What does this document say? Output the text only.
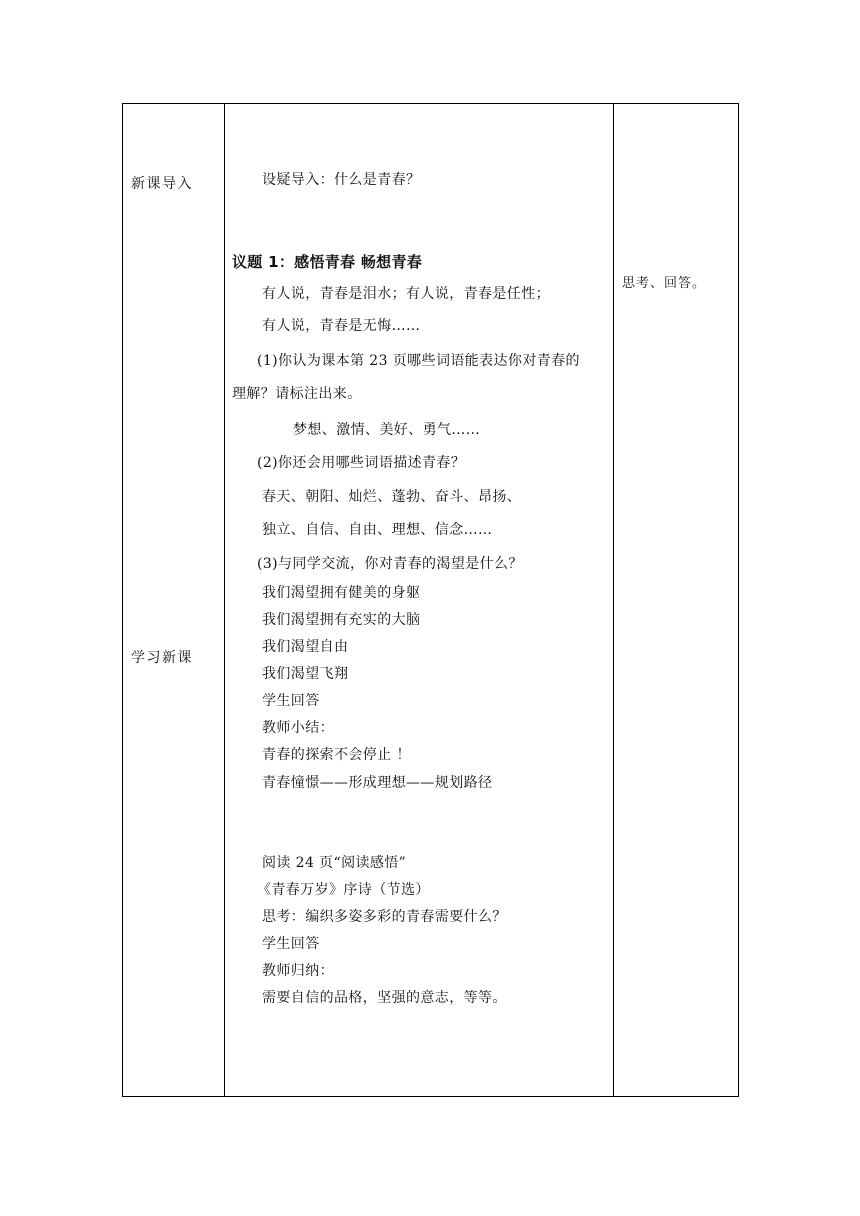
新课导入
学习新课
思考、回答。
设疑导入：什么是青春？
议题 1：感悟青春 畅想青春
有人说，青春是泪水；有人说，青春是任性；
有人说，青春是无悔……
(1)你认为课本第 23 页哪些词语能表达你对青春的
理解？请标注出来。
梦想、激情、美好、勇气……
(2)你还会用哪些词语描述青春？
春天、朝阳、灿烂、蓬勃、奋斗、昂扬、
独立、自信、自由、理想、信念……
(3)与同学交流，你对青春的渴望是什么？
我们渴望拥有健美的身躯
我们渴望拥有充实的大脑
我们渴望自由
我们渴望飞翔
学生回答
教师小结：
青春的探索不会停止 ！
青春憧憬——形成理想——规划路径
阅读 24 页“阅读感悟”
《青春万岁》序诗（节选）
思考：编织多姿多彩的青春需要什么？
学生回答
教师归纳：
需要自信的品格，坚强的意志，等等。
